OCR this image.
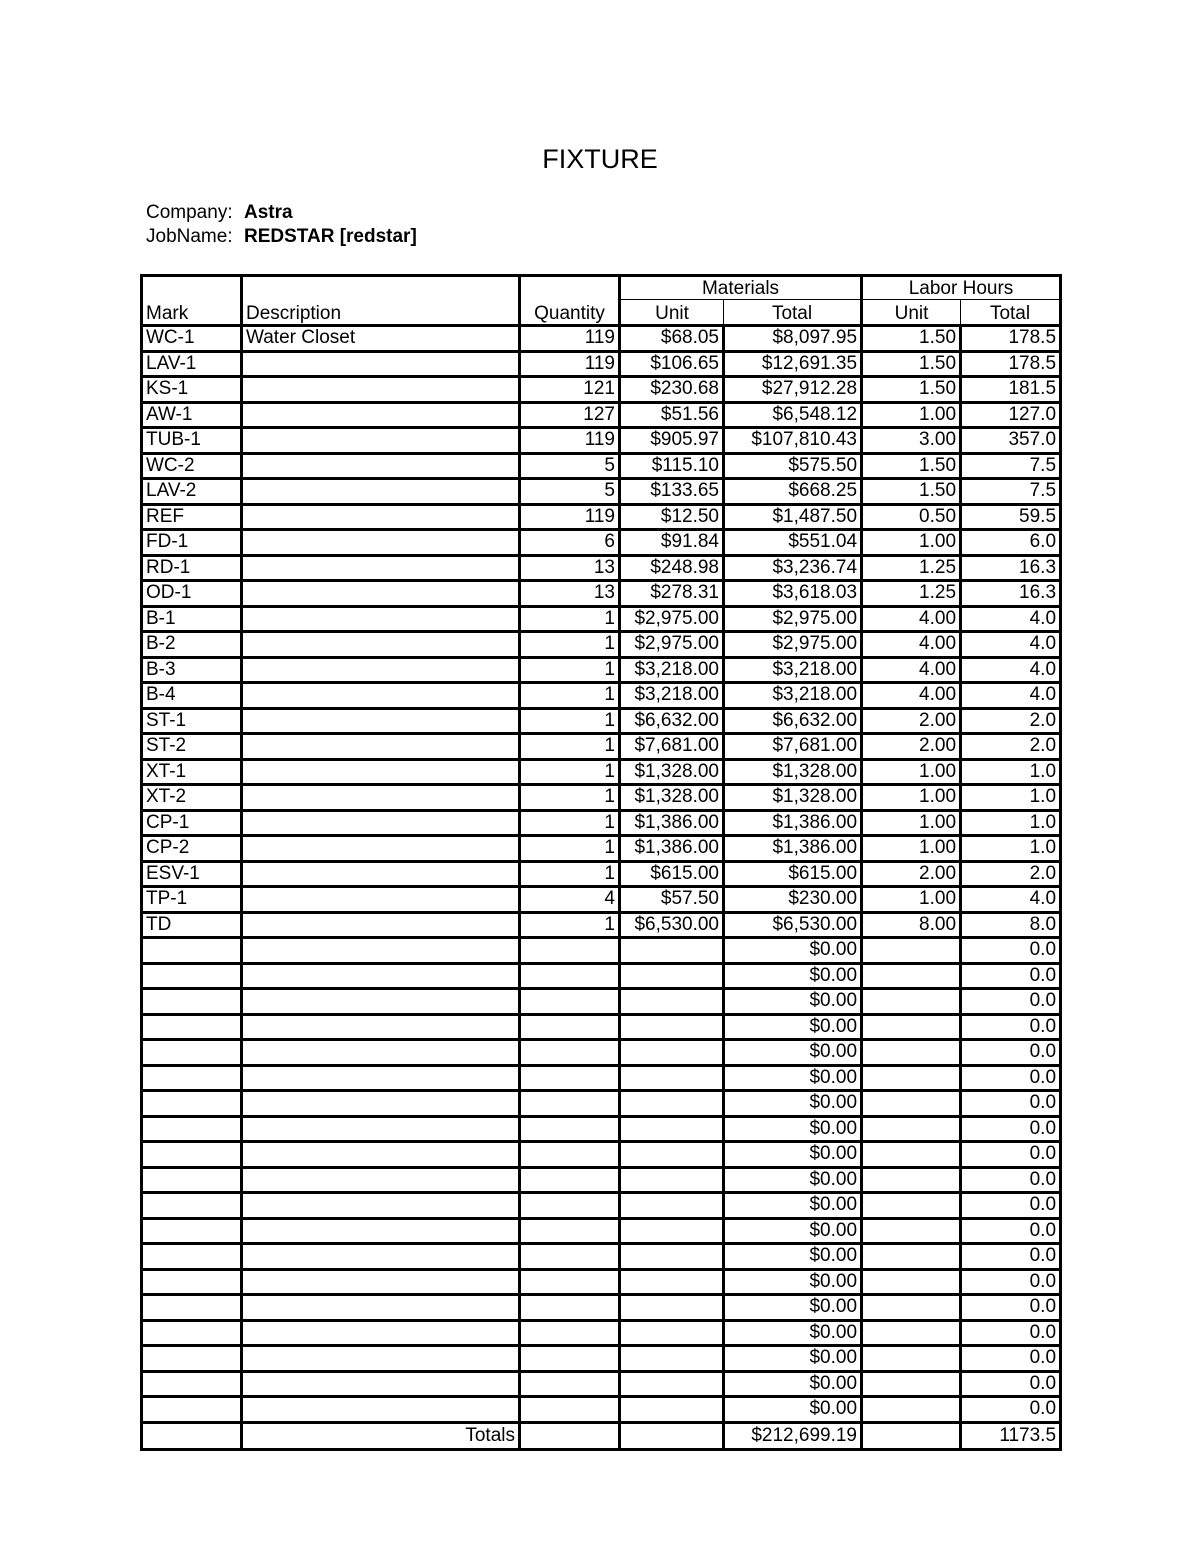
FIXTURE
Company: Astra
JobName: REDSTAR [redstar]
			Materials		Labor Hours	
Mark	Description	Quantity	Unit	Total	Unit	Total
WC-1	Water Closet	119	$68.05	$8,097.95	1.50	178.5
LAV-1		119	$106.65	$12,691.35	1.50	178.5
KS-1		121	$230.68	$27,912.28	1.50	181.5
AW-1		127	$51.56	$6,548.12	1.00	127.0
TUB-1		119	$905.97	$107,810.43	3.00	357.0
WC-2		5	$115.10	$575.50	1.50	7.5
LAV-2		5	$133.65	$668.25	1.50	7.5
REF		119	$12.50	$1,487.50	0.50	59.5
FD-1		6	$91.84	$551.04	1.00	6.0
RD-1		13	$248.98	$3,236.74	1.25	16.3
OD-1		13	$278.31	$3,618.03	1.25	16.3
B-1		1	$2,975.00	$2,975.00	4.00	4.0
B-2		1	$2,975.00	$2,975.00	4.00	4.0
B-3		1	$3,218.00	$3,218.00	4.00	4.0
B-4		1	$3,218.00	$3,218.00	4.00	4.0
ST-1		1	$6,632.00	$6,632.00	2.00	2.0
ST-2		1	$7,681.00	$7,681.00	2.00	2.0
XT-1		1	$1,328.00	$1,328.00	1.00	1.0
XT-2		1	$1,328.00	$1,328.00	1.00	1.0
CP-1		1	$1,386.00	$1,386.00	1.00	1.0
CP-2		1	$1,386.00	$1,386.00	1.00	1.0
ESV-1		1	$615.00	$615.00	2.00	2.0
TP-1		4	$57.50	$230.00	1.00	4.0
TD		1	$6,530.00	$6,530.00	8.00	8.0
				$0.00		0.0
				$0.00		0.0
				$0.00		0.0
				$0.00		0.0
				$0.00		0.0
				$0.00		0.0
				$0.00		0.0
				$0.00		0.0
				$0.00		0.0
				$0.00		0.0
				$0.00		0.0
				$0.00		0.0
				$0.00		0.0
				$0.00		0.0
				$0.00		0.0
				$0.00		0.0
				$0.00		0.0
				$0.00		0.0
				$0.00		0.0
	Totals			$212,699.19		1173.5
